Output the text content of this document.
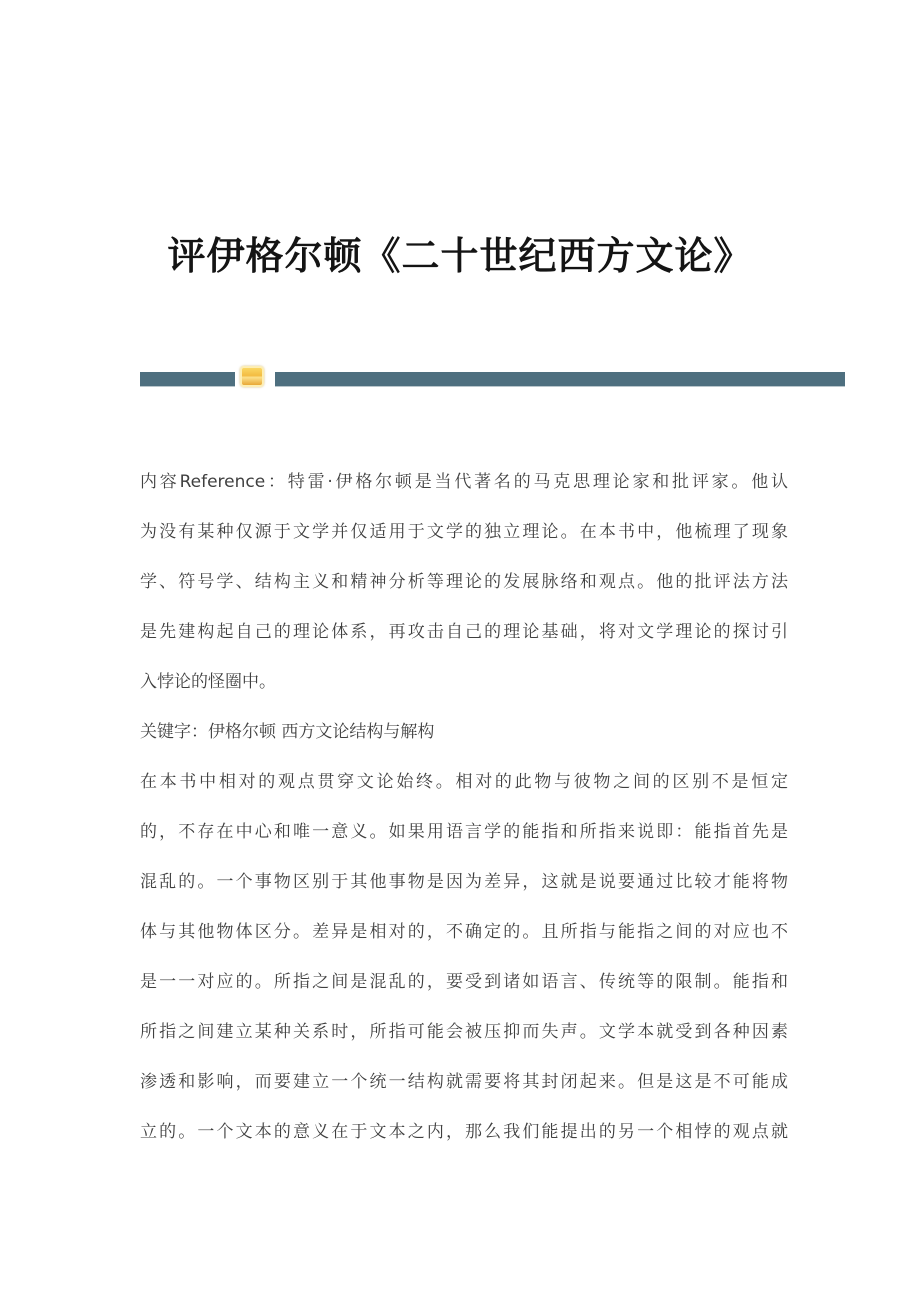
评伊格尔顿《二十世纪西方文论》
内容Reference：特雷·伊格尔顿是当代著名的马克思理论家和批评家。他认
为没有某种仅源于文学并仅适用于文学的独立理论。在本书中，他梳理了现象
学、符号学、结构主义和精神分析等理论的发展脉络和观点。他的批评法方法
是先建构起自己的理论体系，再攻击自己的理论基础，将对文学理论的探讨引
入悖论的怪圈中。
关键字：伊格尔顿 西方文论结构与解构
在本书中相对的观点贯穿文论始终。相对的此物与彼物之间的区别不是恒定
的，不存在中心和唯一意义。如果用语言学的能指和所指来说即：能指首先是
混乱的。一个事物区别于其他事物是因为差异，这就是说要通过比较才能将物
体与其他物体区分。差异是相对的，不确定的。且所指与能指之间的对应也不
是一一对应的。所指之间是混乱的，要受到诸如语言、传统等的限制。能指和
所指之间建立某种关系时，所指可能会被压抑而失声。文学本就受到各种因素
渗透和影响，而要建立一个统一结构就需要将其封闭起来。但是这是不可能成
立的。一个文本的意义在于文本之内，那么我们能提出的另一个相悖的观点就
